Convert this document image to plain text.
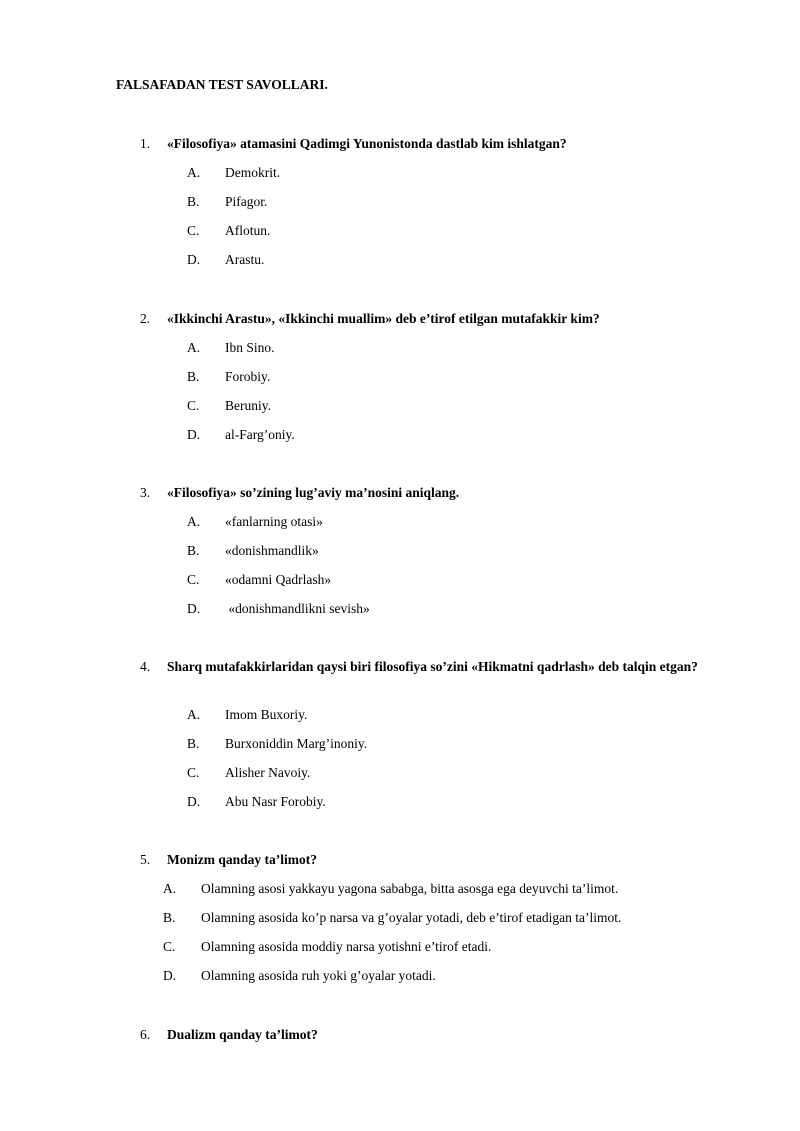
FALSAFADAN TEST SAVOLLARI.
1. «Filosofiya» atamasini Qadimgi Yunonistonda dastlab kim ishlatgan?
A. Demokrit.
B. Pifagor.
C. Aflotun.
D. Arastu.
2. «Ikkinchi Arastu», «Ikkinchi muallim» deb e’tirof etilgan mutafakkir kim?
A. Ibn Sino.
B. Forobiy.
C. Beruniy.
D. al-Farg’oniy.
3. «Filosofiya» so’zining lug’aviy ma’nosini aniqlang.
A. «fanlarning otasi»
B. «donishmandlik»
C. «odamni Qadrlash»
D. «donishmandlikni sevish»
4. Sharq mutafakkirlaridan qaysi biri filosofiya so’zini «Hikmatni qadrlash» deb talqin etgan?
A. Imom Buxoriy.
B. Burxoniddin Marg’inoniy.
C. Alisher Navoiy.
D. Abu Nasr Forobiy.
5. Monizm qanday ta’limot?
A. Olamning asosi yakkayu yagona sababga, bitta asosga ega deyuvchi ta’limot.
B. Olamning asosida ko’p narsa va g’oyalar yotadi, deb e’tirof etadigan ta’limot.
C. Olamning asosida moddiy narsa yotishni e’tirof etadi.
D. Olamning asosida ruh yoki g’oyalar yotadi.
6. Dualizm qanday ta’limot?
